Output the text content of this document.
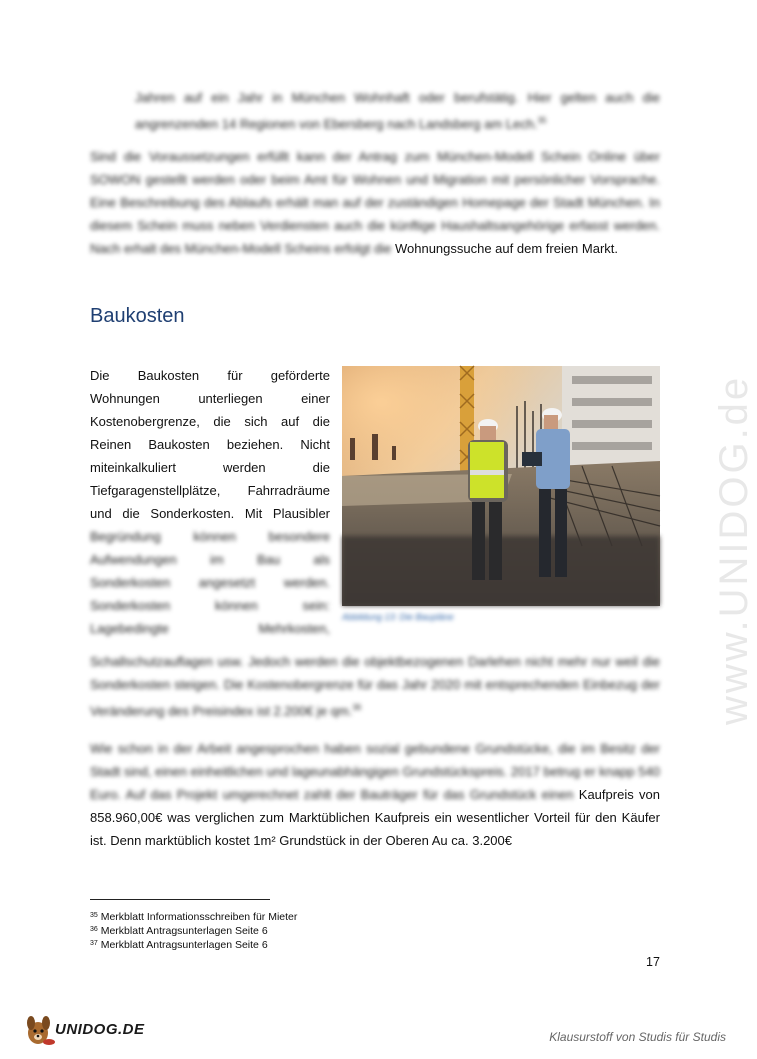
Jahren auf ein Jahr in München Wohnhaft oder berufstätig. Hier gelten auch die angrenzenden 14 Regionen von Ebersberg nach Landsberg am Lech.$^{35}$

Sind die Voraussetzungen erfüllt kann der Antrag zum München-Modell Schein Online über SOWON gestellt werden oder beim Amt für Wohnen und Migration mit persönlicher Vorsprache. Eine Beschreibung des Ablaufs erhält man auf der zuständigen Homepage der Stadt München. In diesem Schein muss neben Verdiensten auch die künftige Haushaltsangehörige erfasst werden. Nach erhalt des München-Modell Scheins erfolgt die Wohnungssuche auf dem freien Markt.

Baukosten
Die Baukosten für geförderte
Wohnungen unterliegen einer
Kostenobergrenze, die sich auf die
Reinen Baukosten beziehen. Nicht
miteinkalkuliert werden die
Tiefgaragenstellplätze, Fahrradräume
und die Sonderkosten. Mit Plausibler
Begründung können besondere
Aufwendungen im Bau als
Sonderkosten angesetzt werden.
Sonderkosten können sein:
Lagebedingte Mehrkosten,
Abbildung 13: Die Baupläne

Schallschutzauflagen usw. Jedoch werden die objektbezogenen Darlehen nicht mehr nur weil die Sonderkosten steigen. Die Kostenobergrenze für das Jahr 2020 mit entsprechenden Einbezug der Veränderung des Preisindex ist 2.200€ je qm.$^{36}$

Wie schon in der Arbeit angesprochen haben sozial gebundene Grundstücke, die im Besitz der Stadt sind, einen einheitlichen und lageunabhängigen Grundstückspreis. 2017 betrug er knapp 540 Euro. Auf das Projekt umgerechnet zahlt der Bauträger für das Grundstück einen Kaufpreis von 858.960,00€ was verglichen zum Marktüblichen Kaufpreis ein wesentlicher Vorteil für den Käufer ist. Denn marktüblich kostet 1m² Grundstück in der Oberen Au ca. 3.200€

$^{35}$ Merkblatt Informationsschreiben für Mieter
$^{36}$ Merkblatt Antragsunterlagen Seite 6
$^{37}$ Merkblatt Antragsunterlagen Seite 6
17
www.UNIDOG.de
UNIDOG.DE	Klausurstoff von Studis für Studis
